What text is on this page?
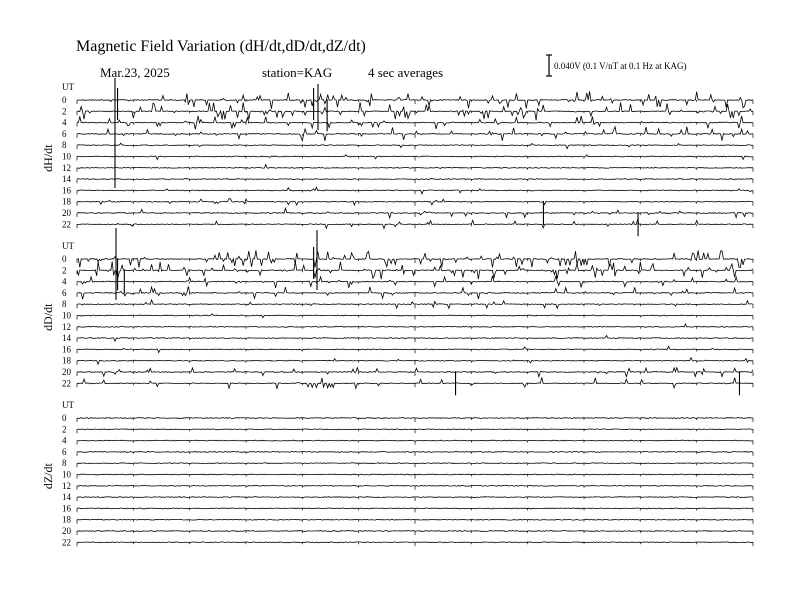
Magnetic Field Variation (dH/dt,dD/dt,dZ/dt)
Mar.23, 2025	station=KAG	4 sec averages	0.040V (0.1 V/nT at 0.1 Hz at KAG)
UT
dH/dt
0
2
4
6
8
10
12
14
16
18
20
22
UT
dD/dt
0
2
4
6
8
10
12
14
16
18
20
22
UT
dZ/dt
0
2
4
6
8
10
12
14
16
18
20
22
